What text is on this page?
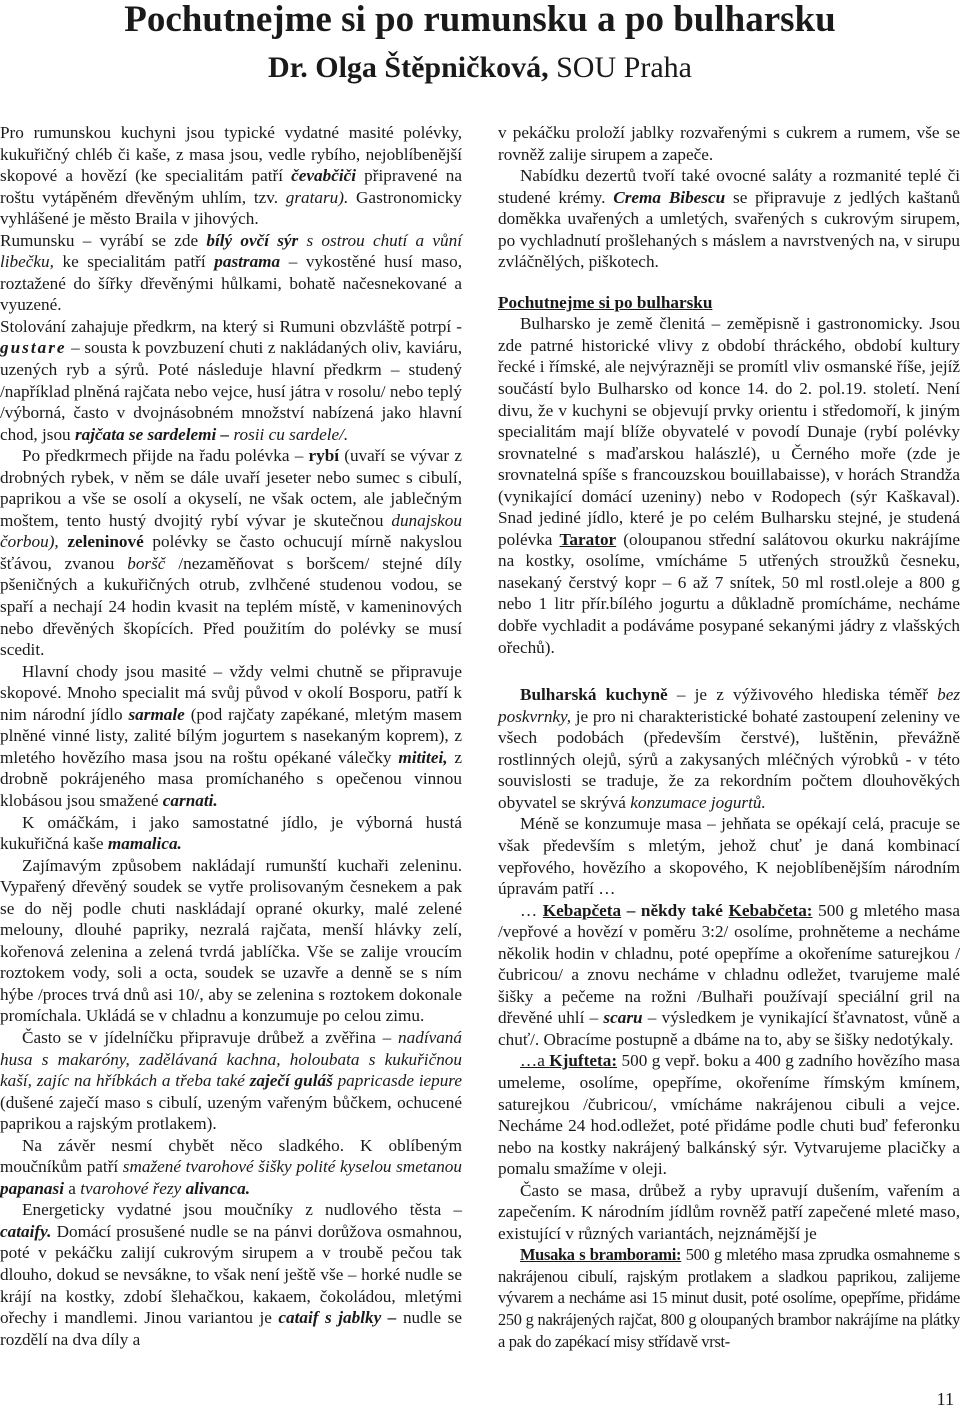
Pochutnejme si po rumunsku a po bulharsku
Dr. Olga Štěpničková, SOU Praha

Pro rumunskou kuchyni jsou typické vydatné masité polévky, kukuřičný chléb či kaše, z masa jsou, vedle rybího, nejoblíbenější skopové a hovězí (ke specialitám patří čevabčiči připravené na roštu vytápěném dřevěným uhlím, tzv. grataru). Gastronomicky vyhlášené je město Braila v jihových.

Rumunsku – vyrábí se zde bílý ovčí sýr s ostrou chutí a vůní libečku, ke specialitám patří pastrama – vykostěné husí maso, roztažené do šířky dřevěnými hůlkami, bohatě načesnekované a vyuzené.

Stolování zahajuje předkrm, na který si Rumuni obzvláště potrpí - gustare – sousta k povzbuzení chuti z nakládaných oliv, kaviáru, uzených ryb a sýrů. Poté následuje hlavní předkrm – studený /například plněná rajčata nebo vejce, husí játra v rosolu/ nebo teplý /výborná, často v dvojnásobném množství nabízená jako hlavní chod, jsou rajčata se sardelemi – rosii cu sardele/.

Po předkrmech přijde na řadu polévka – rybí (uvaří se vývar z drobných rybek, v něm se dále uvaří jeseter nebo sumec s cibulí, paprikou a vše se osolí a okyselí, ne však octem, ale jablečným moštem, tento hustý dvojitý rybí vývar je skutečnou dunajskou čorbou), zeleninové polévky se často ochucují mírně nakyslou šťávou, zvanou boršč /nezaměňovat s boršcem/ stejné díly pšeničných a kukuřičných otrub, zvlhčené studenou vodou, se spaří a nechají 24 hodin kvasit na teplém místě, v kameninových nebo dřevěných škopících. Před použitím do polévky se musí scedit.

Hlavní chody jsou masité – vždy velmi chutně se připravuje skopové. Mnoho specialit má svůj původ v okolí Bosporu, patří k nim národní jídlo sarmale (pod rajčaty zapékané, mletým masem plněné vinné listy, zalité bílým jogurtem s nasekaným koprem), z mletého hovězího masa jsou na roštu opékané válečky mititei, z drobně pokrájeného masa promíchaného s opečenou vinnou klobásou jsou smažené carnati.

K omáčkám, i jako samostatné jídlo, je výborná hustá kukuřičná kaše mamalica.

Zajímavým způsobem nakládají rumunští kuchaři zeleninu. Vypařený dřevěný soudek se vytře prolisovaným česnekem a pak se do něj podle chuti naskládají oprané okurky, malé zelené melouny, dlouhé papriky, nezralá rajčata, menší hlávky zelí, kořenová zelenina a zelená tvrdá jablíčka. Vše se zalije vroucím roztokem vody, soli a octa, soudek se uzavře a denně se s ním hýbe /proces trvá dnů asi 10/, aby se zelenina s roztokem dokonale promíchala. Ukládá se v chladnu a konzumuje po celou zimu.

Často se v jídelníčku připravuje drůbež a zvěřina – nadívaná husa s makaróny, zadělávaná kachna, holoubata s kukuřičnou kaší, zajíc na hříbkách a třeba také zaječí guláš papricasde iepure (dušené zaječí maso s cibulí, uzeným vařeným bůčkem, ochucené paprikou a rajským protlakem).

Na závěr nesmí chybět něco sladkého. K oblíbeným moučníkům patří smažené tvarohové šišky polité kyselou smetanou papanasi a tvarohové řezy alivanca.

Energeticky vydatné jsou moučníky z nudlového těsta – cataify. Domácí prosušené nudle se na pánvi dorůžova osmahnou, poté v pekáčku zalijí cukrovým sirupem a v troubě pečou tak dlouho, dokud se nevsákne, to však není ještě vše – horké nudle se krájí na kostky, zdobí šlehačkou, kakaem, čokoládou, mletými ořechy i mandlemi. Jinou variantou je cataif s jablky – nudle se rozdělí na dva díly a

v pekáčku proloží jablky rozvařenými s cukrem a rumem, vše se rovněž zalije sirupem a zapeče.

Nabídku dezertů tvoří také ovocné saláty a rozmanité teplé či studené krémy. Crema Bibescu se připravuje z jedlých kaštanů doměkka uvařených a umletých, svařených s cukrovým sirupem, po vychladnutí prošlehaných s máslem a navrstvených na, v sirupu zvláčnělých, piškotech.

Pochutnejme si po bulharsku

Bulharsko je země členitá – zeměpisně i gastronomicky. Jsou zde patrné historické vlivy z období thráckého, období kultury řecké i římské, ale nejvýrazněji se promítl vliv osmanské říše, jejíž součástí bylo Bulharsko od konce 14. do 2. pol.19. století. Není divu, že v kuchyni se objevují prvky orientu i středomoří, k jiným specialitám mají blíže obyvatelé v povodí Dunaje (rybí polévky srovnatelné s maďarskou halászlé), u Černého moře (zde je srovnatelná spíše s francouzskou bouillabaisse), v horách Strandža (vynikající domácí uzeniny) nebo v Rodopech (sýr Kaškaval). Snad jediné jídlo, které je po celém Bulharsku stejné, je studená polévka Tarator (oloupanou střední salátovou okurku nakrájíme na kostky, osolíme, vmícháme 5 utřených stroužků česneku, nasekaný čerstvý kopr – 6 až 7 snítek, 50 ml rostl.oleje a 800 g nebo 1 litr přír.bílého jogurtu a důkladně promícháme, necháme dobře vychladit a podáváme posypané sekanými jádry z vlašských ořechů).

Bulharská kuchyně – je z výživového hlediska téměř bez poskvrnky, je pro ni charakteristické bohaté zastoupení zeleniny ve všech podobách (především čerstvé), luštěnin, převážně rostlinných olejů, sýrů a zakysaných mléčných výrobků - v této souvislosti se traduje, že za rekordním počtem dlouhověkých obyvatel se skrývá konzumace jogurtů.

Méně se konzumuje masa – jehňata se opékají celá, pracuje se však především s mletým, jehož chuť je daná kombinací vepřového, hovězího a skopového, K nejoblíbenějším národním úpravám patří …

… Kebapčeta – někdy také Kebabčeta: 500 g mletého masa /vepřové a hovězí v poměru 3:2/ osolíme, prohněteme a necháme několik hodin v chladnu, poté opepříme a okořeníme saturejkou /čubricou/ a znovu necháme v chladnu odležet, tvarujeme malé šišky a pečeme na rožni /Bulhaři používají speciální gril na dřevěné uhlí – scaru – výsledkem je vynikající šťavnatost, vůně a chuť/. Obracíme postupně a dbáme na to, aby se šišky nedotýkaly.

…a Kjufteta: 500 g vepř. boku a 400 g zadního hovězího masa umeleme, osolíme, opepříme, okořeníme římským kmínem, saturejkou /čubricou/, vmícháme nakrájenou cibuli a vejce. Necháme 24 hod.odležet, poté přidáme podle chuti buď feferonku nebo na kostky nakrájený balkánský sýr. Vytvarujeme placičky a pomalu smažíme v oleji.

Často se masa, drůbež a ryby upravují dušením, vařením a zapečením. K národním jídlům rovněž patří zapečené mleté maso, existující v různých variantách, nejznámější je

Musaka s bramborami: 500 g mletého masa zprudka osmahneme s nakrájenou cibulí, rajským protlakem a sladkou paprikou, zalijeme vývarem a necháme asi 15 minut dusit, poté osolíme, opepříme, přidáme 250 g nakrájených rajčat, 800 g oloupaných brambor nakrájíme na plátky a pak do zapékací misy střídavě vrst-

11
